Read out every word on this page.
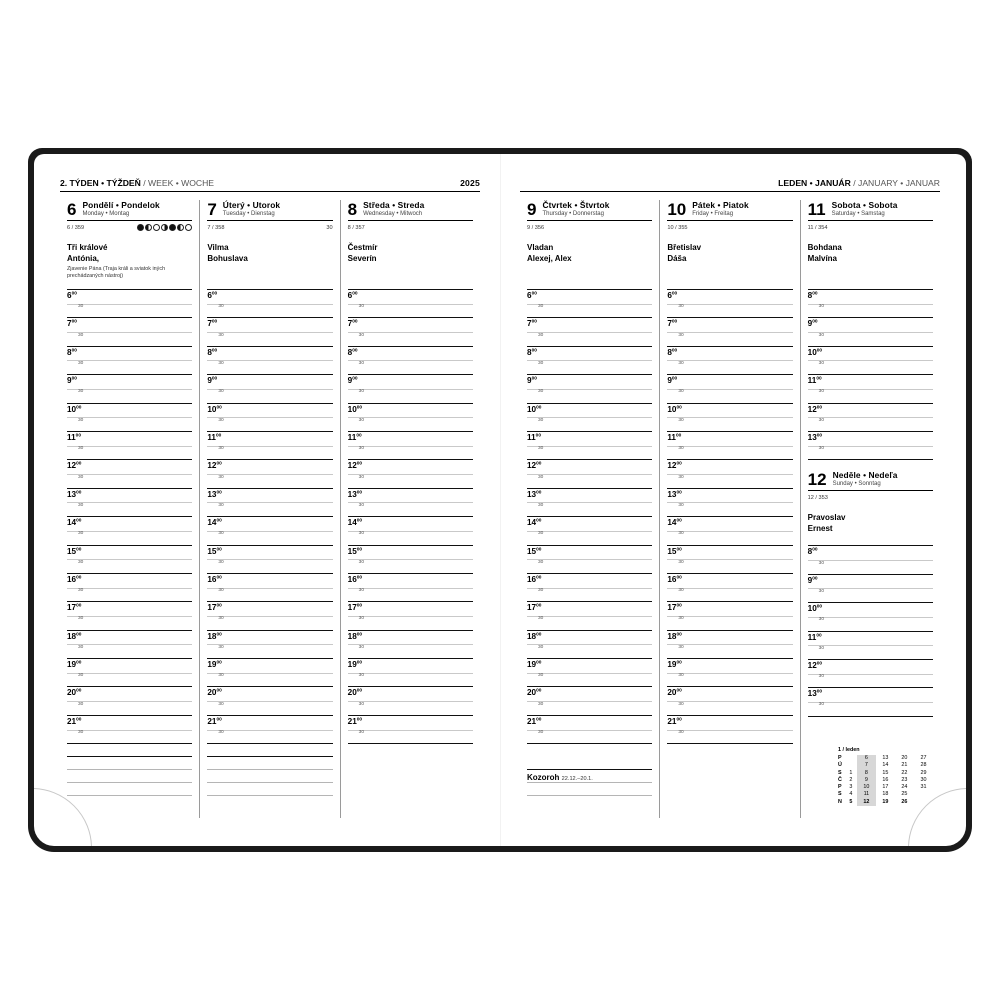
2. TÝDEN • TÝŽDEŇ / WEEK • WOCHE	2025
6 Pondělí • Pondelok
Monday • Montag
6 / 359
Tři králové
Antónia,
Zjavenie Pána (Traja králi a sviatok iných prechádzaných nástroj)
$6^{00}$
30
$7^{00}$
30
$8^{00}$
30
$9^{00}$
30
$10^{00}$
30
$11^{00}$
30
$12^{00}$
30
$13^{00}$
30
$14^{00}$
30
$15^{00}$
30
$16^{00}$
30
$17^{00}$
30
$18^{00}$
30
$19^{00}$
30
$20^{00}$
30
$21^{00}$
30
7 Úterý • Utorok
Tuesday • Dienstag
7 / 358	30
Vilma
Bohuslava
$6^{00}$
30
$7^{00}$
30
$8^{00}$
30
$9^{00}$
30
$10^{00}$
30
$11^{00}$
30
$12^{00}$
30
$13^{00}$
30
$14^{00}$
30
$15^{00}$
30
$16^{00}$
30
$17^{00}$
30
$18^{00}$
30
$19^{00}$
30
$20^{00}$
30
$21^{00}$
30
8 Středa • Streda
Wednesday • Mitwoch
8 / 357
Čestmír
Severín
$6^{00}$
30
$7^{00}$
30
$8^{00}$
30
$9^{00}$
30
$10^{00}$
30
$11^{00}$
30
$12^{00}$
30
$13^{00}$
30
$14^{00}$
30
$15^{00}$
30
$16^{00}$
30
$17^{00}$
30
$18^{00}$
30
$19^{00}$
30
$20^{00}$
30
$21^{00}$
30
LEDEN • JANUÁR / JANUARY • JANUAR
9 Čtvrtek • Štvrtok
Thursday • Donnerstag
9 / 356
Vladan
Alexej, Alex
$6^{00}$
30
$7^{00}$
30
$8^{00}$
30
$9^{00}$
30
$10^{00}$
30
$11^{00}$
30
$12^{00}$
30
$13^{00}$
30
$14^{00}$
30
$15^{00}$
30
$16^{00}$
30
$17^{00}$
30
$18^{00}$
30
$19^{00}$
30
$20^{00}$
30
$21^{00}$
30
Kozoroh 22.12.–20.1.
10 Pátek • Piatok
Friday • Freitag
10 / 355
Břetislav
Dáša
$6^{00}$
30
$7^{00}$
30
$8^{00}$
30
$9^{00}$
30
$10^{00}$
30
$11^{00}$
30
$12^{00}$
30
$13^{00}$
30
$14^{00}$
30
$15^{00}$
30
$16^{00}$
30
$17^{00}$
30
$18^{00}$
30
$19^{00}$
30
$20^{00}$
30
$21^{00}$
30
11 Sobota • Sobota
Saturday • Samstag
11 / 354
Bohdana
Malvína
$8^{00}$
30
$9^{00}$
30
$10^{00}$
30
$11^{00}$
30
$12^{00}$
30
$13^{00}$
30
12 Nedĕle • Nedeľa
Sunday • Sonntag
12 / 353
Pravoslav
Ernest
$8^{00}$
30
$9^{00}$
30
$10^{00}$
30
$11^{00}$
30
$12^{00}$
30
$13^{00}$
30
1 / leden					
P		6	13	20	27
Ú		7	14	21	28
S	1	8	15	22	29
Č	2	9	16	23	30
P	3	10	17	24	31
S	4	11	18	25	
N	5	12	19	26	
